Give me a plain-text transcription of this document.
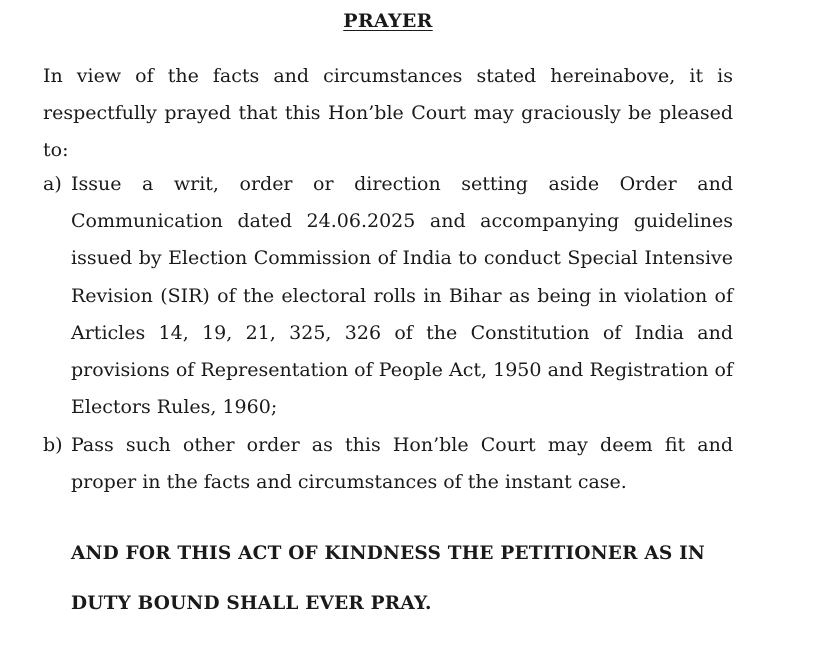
PRAYER

In view of the facts and circumstances stated hereinabove, it is respectfully prayed that this Hon’ble Court may graciously be pleased to:

a) Issue a writ, order or direction setting aside Order and Communication dated 24.06.2025 and accompanying guidelines issued by Election Commission of India to conduct Special Intensive Revision (SIR) of the electoral rolls in Bihar as being in violation of Articles 14, 19, 21, 325, 326 of the Constitution of India and provisions of Representation of People Act, 1950 and Registration of Electors Rules, 1960;
b) Pass such other order as this Hon’ble Court may deem fit and proper in the facts and circumstances of the instant case.

AND FOR THIS ACT OF KINDNESS THE PETITIONER AS IN

DUTY BOUND SHALL EVER PRAY.
